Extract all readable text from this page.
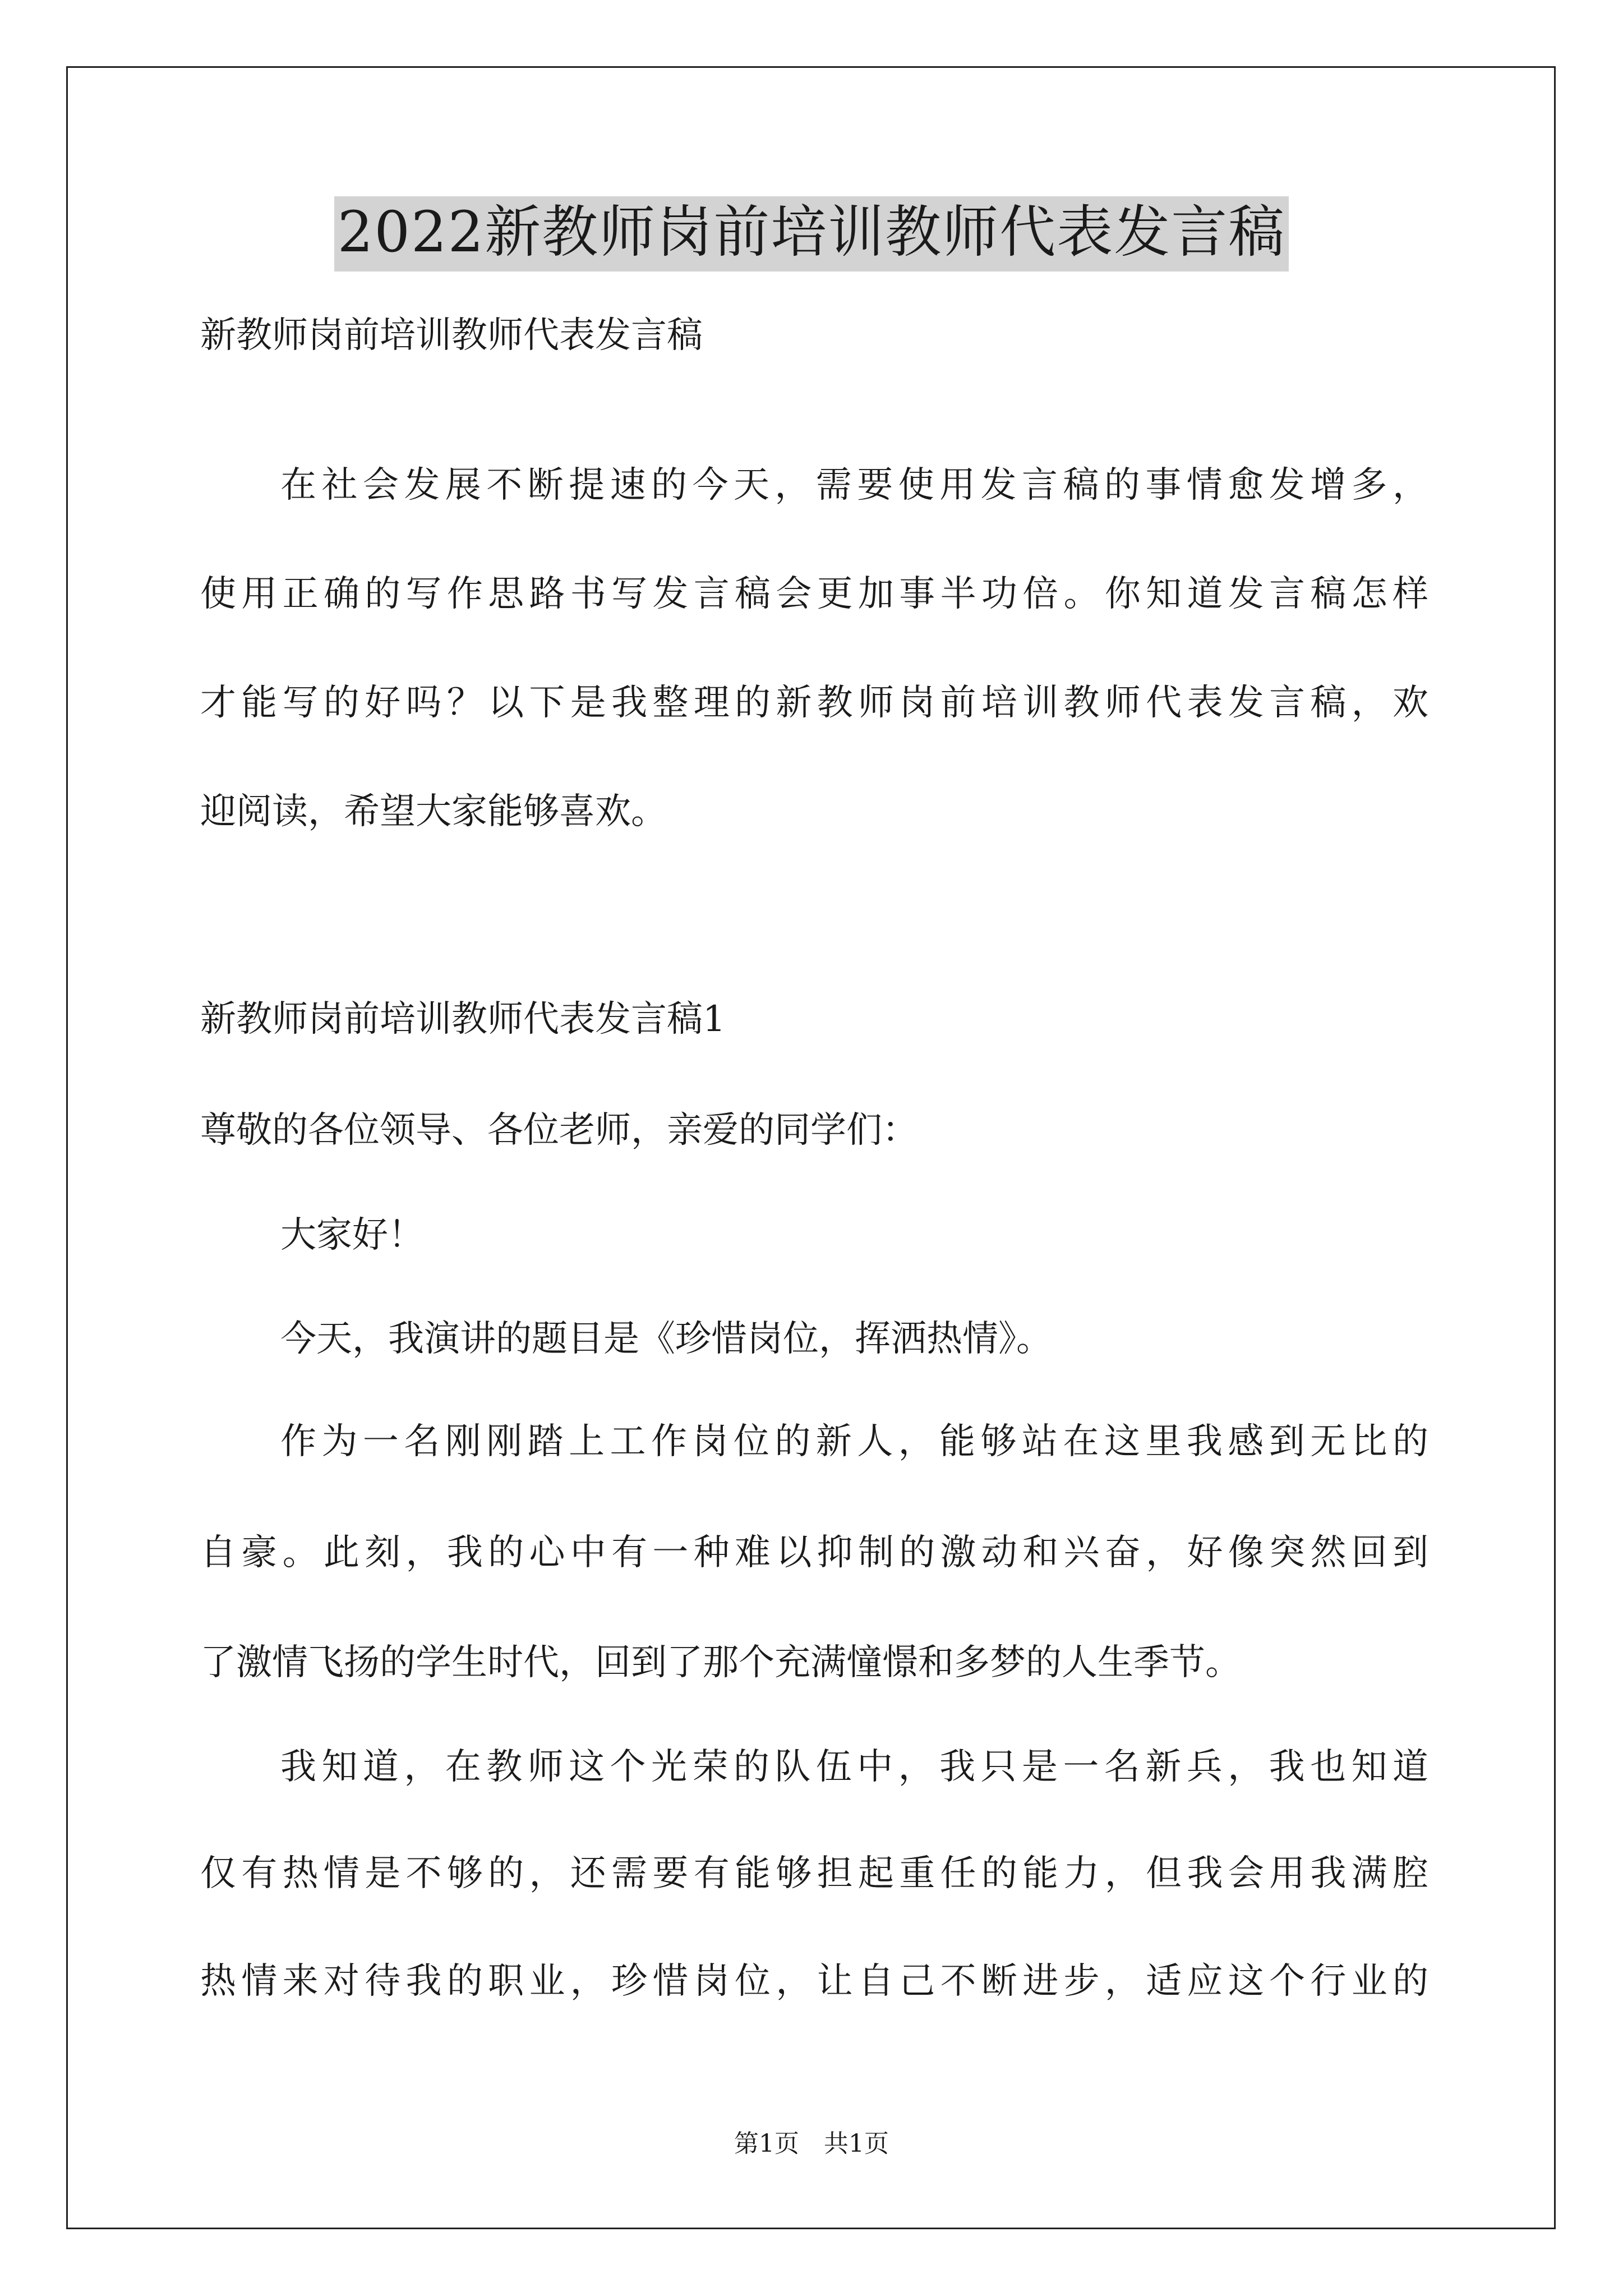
2022新教师岗前培训教师代表发言稿

新教师岗前培训教师代表发言稿

在社会发展不断提速的今天，需要使用发言稿的事情愈发增多，

使用正确的写作思路书写发言稿会更加事半功倍。你知道发言稿怎样

才能写的好吗？以下是我整理的新教师岗前培训教师代表发言稿，欢

迎阅读，希望大家能够喜欢。

新教师岗前培训教师代表发言稿1

尊敬的各位领导、各位老师，亲爱的同学们：

大家好！

今天，我演讲的题目是《珍惜岗位，挥洒热情》。

作为一名刚刚踏上工作岗位的新人，能够站在这里我感到无比的

自豪。此刻，我的心中有一种难以抑制的激动和兴奋，好像突然回到

了激情飞扬的学生时代，回到了那个充满憧憬和多梦的人生季节。

我知道，在教师这个光荣的队伍中，我只是一名新兵，我也知道

仅有热情是不够的，还需要有能够担起重任的能力，但我会用我满腔

热情来对待我的职业，珍惜岗位，让自己不断进步，适应这个行业的

第1页　共1页
